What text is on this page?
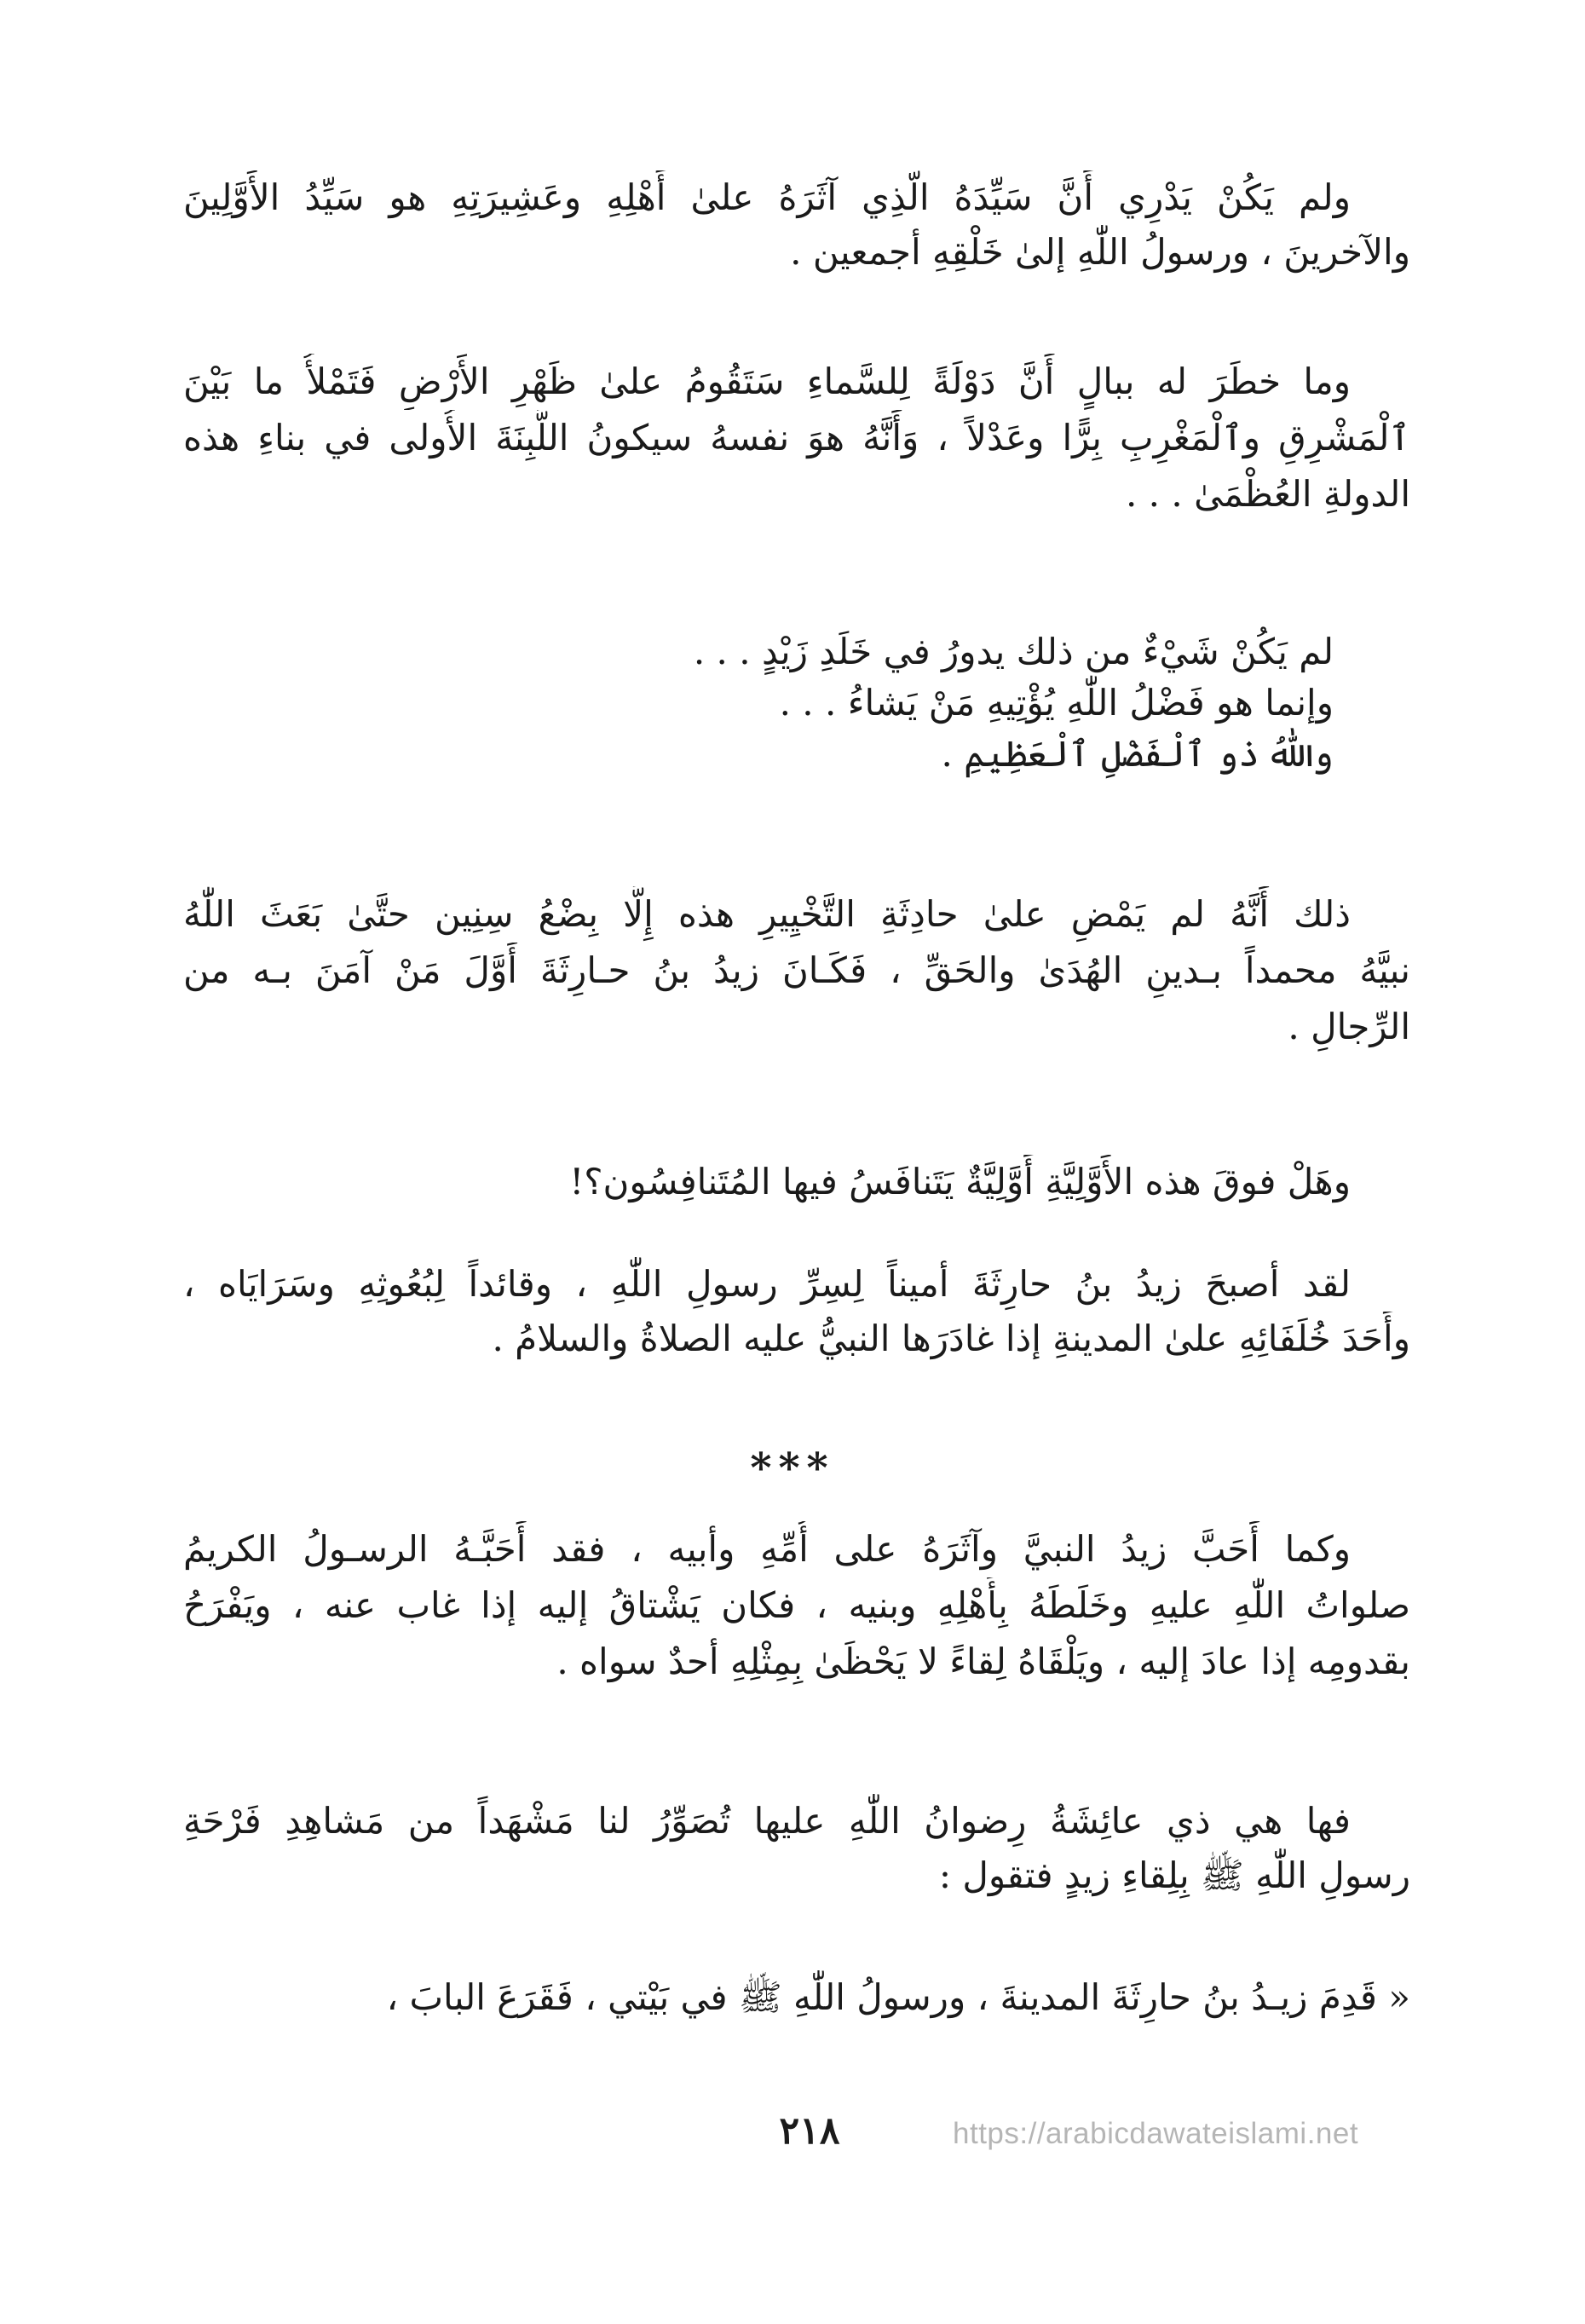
ولم يَكُنْ يَدْرِي أَنَّ سَيِّدَهُ الَّذِي آثَرَهُ علىٰ أَهْلِهِ وعَشِيرَتِهِ هو سَيِّدُ الأَوَّلِينَ
والآخرينَ ، ورسولُ اللّٰهِ إلىٰ خَلْقِهِ أجمعين .
وما خطَرَ له ببالٍ أَنَّ دَوْلَةً لِلسَّماءِ سَتَقُومُ علىٰ ظَهْرِ الأَرْضِ فَتَمْلأُ ما بَيْنَ
ٱلْمَشْرِقِ وٱلْمَغْرِبِ بِرًّا وعَدْلاً ، وَأَنَّهُ هوَ نفسهُ سيكونُ اللَّبِنَةَ الأُولى في بناءِ هذه
الدولةِ العُظْمَىٰ . . .
لم يَكُنْ شَيْءٌ من ذلك يدورُ في خَلَدِ زَيْدٍ . . .
وإنما هو فَضْلُ اللّٰهِ يُؤْتِيهِ مَنْ يَشاءُ . . .
واللّٰهُ ذو ٱلْفَضْلِ ٱلْعَظِيمِ .
ذلك أَنَّهُ لم يَمْضِ علىٰ حادِثَةِ التَّخْيِيرِ هذه إِلَّا بِضْعُ سِنِين حتَّىٰ بَعَثَ اللّٰهُ
نبيَّهُ محمداً بـدينِ الهُدَىٰ والحَقِّ ، فَكَـانَ زيدُ بنُ حـارِثَةَ أَوَّلَ مَنْ آمَنَ بـه من
الرِّجالِ .
وهَلْ فوقَ هذه الأَوَّلِيَّةِ أَوَّلِيَّةٌ يَتَنافَسُ فيها المُتَنافِسُون؟!
لقد أصبحَ زيدُ بنُ حارِثَةَ أميناً لِسِرِّ رسولِ اللّٰهِ ، وقائداً لِبُعُوثِهِ وسَرَايَاه ،
وأَحَدَ خُلَفَائِهِ علىٰ المدينةِ إذا غادَرَها النبيُّ عليه الصلاةُ والسلامُ .
***
وكما أَحَبَّ زيدُ النبيَّ وآثَرَهُ على أُمِّهِ وأبيه ، فقد أَحَبَّـهُ الرسـولُ الكريمُ
صلواتُ اللّٰهِ عليهِ وخَلَطَهُ بِأَهْلِهِ وبنيه ، فكان يَشْتاقُ إليه إذا غاب عنه ، ويَفْرَحُ
بقدومِه إذا عادَ إليه ، ويَلْقَاهُ لِقاءً لا يَحْظَىٰ بِمِثْلِهِ أحدٌ سواه .
فها هي ذي عائِشَةُ رِضوانُ اللّٰهِ عليها تُصَوِّرُ لنا مَشْهَداً من مَشاهِدِ فَرْحَةِ
رسولِ اللّٰهِ ﷺ بِلِقاءِ زيدٍ فتقول :
« قَدِمَ زيـدُ بنُ حارِثَةَ المدينةَ ، ورسولُ اللّٰهِ ﷺ في بَيْتي ، فَقَرَعَ البابَ ،
٢١٨	https://arabicdawateislami.net
